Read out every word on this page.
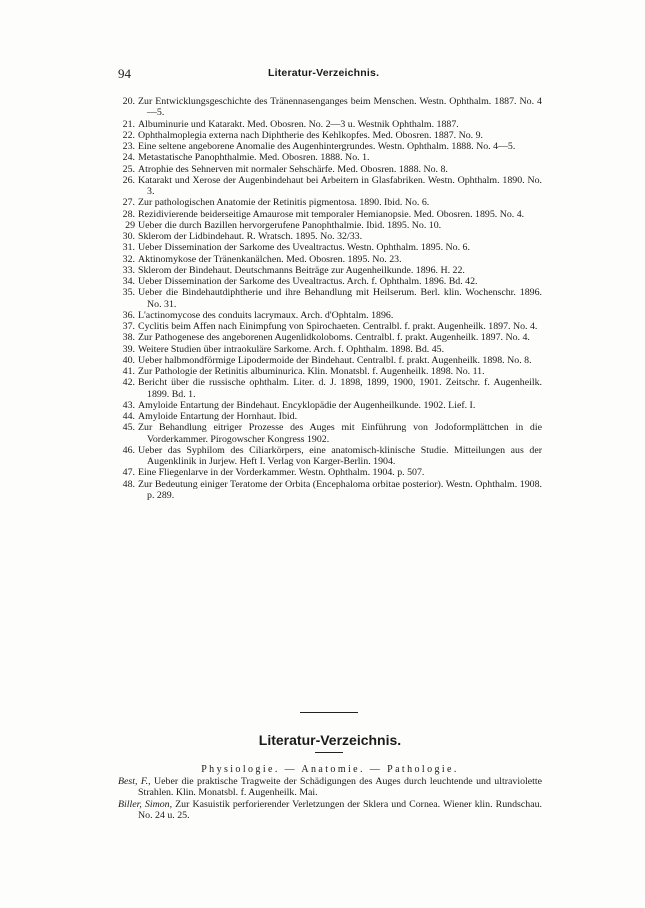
94	Literatur-Verzeichnis.
20. Zur Entwicklungsgeschichte des Tränennasenganges beim Menschen. Westn. Ophthalm. 1887. No. 4—5.
21. Albuminurie und Katarakt. Med. Obosren. No. 2—3 u. Westnik Ophthalm. 1887.
22. Ophthalmoplegia externa nach Diphtherie des Kehlkopfes. Med. Obosren. 1887. No. 9.
23. Eine seltene angeborene Anomalie des Augenhintergrundes. Westn. Ophthalm. 1888. No. 4—5.
24. Metastatische Panophthalmie. Med. Obosren. 1888. No. 1.
25. Atrophie des Sehnerven mit normaler Sehschärfe. Med. Obosren. 1888. No. 8.
26. Katarakt und Xerose der Augenbindehaut bei Arbeitern in Glasfabriken. Westn. Ophthalm. 1890. No. 3.
27. Zur pathologischen Anatomie der Retinitis pigmentosa. 1890. Ibid. No. 6.
28. Rezidivierende beiderseitige Amaurose mit temporaler Hemianopsie. Med. Obosren. 1895. No. 4.
29 Ueber die durch Bazillen hervorgerufene Panophthalmie. Ibid. 1895. No. 10.
30. Sklerom der Lidbindehaut. R. Wratsch. 1895. No. 32/33.
31. Ueber Dissemination der Sarkome des Uvealtractus. Westn. Ophthalm. 1895. No. 6.
32. Aktinomykose der Tränenkanälchen. Med. Obosren. 1895. No. 23.
33. Sklerom der Bindehaut. Deutschmanns Beiträge zur Augenheilkunde. 1896. H. 22.
34. Ueber Dissemination der Sarkome des Uvealtractus. Arch. f. Ophthalm. 1896. Bd. 42.
35. Ueber die Bindehautdiphtherie und ihre Behandlung mit Heilserum. Berl. klin. Wochenschr. 1896. No. 31.
36. L'actinomycose des conduits lacrymaux. Arch. d'Ophtalm. 1896.
37. Cyclitis beim Affen nach Einimpfung von Spirochaeten. Centralbl. f. prakt. Augenheilk. 1897. No. 4.
38. Zur Pathogenese des angeborenen Augenlidkoloboms. Centralbl. f. prakt. Augenheilk. 1897. No. 4.
39. Weitere Studien über intraokuläre Sarkome. Arch. f. Ophthalm. 1898. Bd. 45.
40. Ueber halbmondförmige Lipodermoide der Bindehaut. Centralbl. f. prakt. Augenheilk. 1898. No. 8.
41. Zur Pathologie der Retinitis albuminurica. Klin. Monatsbl. f. Augenheilk. 1898. No. 11.
42. Bericht über die russische ophthalm. Liter. d. J. 1898, 1899, 1900, 1901. Zeitschr. f. Augenheilk. 1899. Bd. 1.
43. Amyloide Entartung der Bindehaut. Encyklopädie der Augenheilkunde. 1902. Lief. I.
44. Amyloide Entartung der Hornhaut. Ibid.
45. Zur Behandlung eitriger Prozesse des Auges mit Einführung von Jodoformplättchen in die Vorderkammer. Pirogowscher Kongress 1902.
46. Ueber das Syphilom des Ciliarkörpers, eine anatomisch-klinische Studie. Mitteilungen aus der Augenklinik in Jurjew. Heft I. Verlag von Karger-Berlin. 1904.
47. Eine Fliegenlarve in der Vorderkammer. Westn. Ophthalm. 1904. p. 507.
48. Zur Bedeutung einiger Teratome der Orbita (Encephaloma orbitae posterior). Westn. Ophthalm. 1908. p. 289.
Literatur-Verzeichnis.
Physiologie. — Anatomie. — Pathologie.
Best, F., Ueber die praktische Tragweite der Schädigungen des Auges durch leuchtende und ultraviolette Strahlen. Klin. Monatsbl. f. Augenheilk. Mai.
Biller, Simon, Zur Kasuistik perforierender Verletzungen der Sklera und Cornea. Wiener klin. Rundschau. No. 24 u. 25.
